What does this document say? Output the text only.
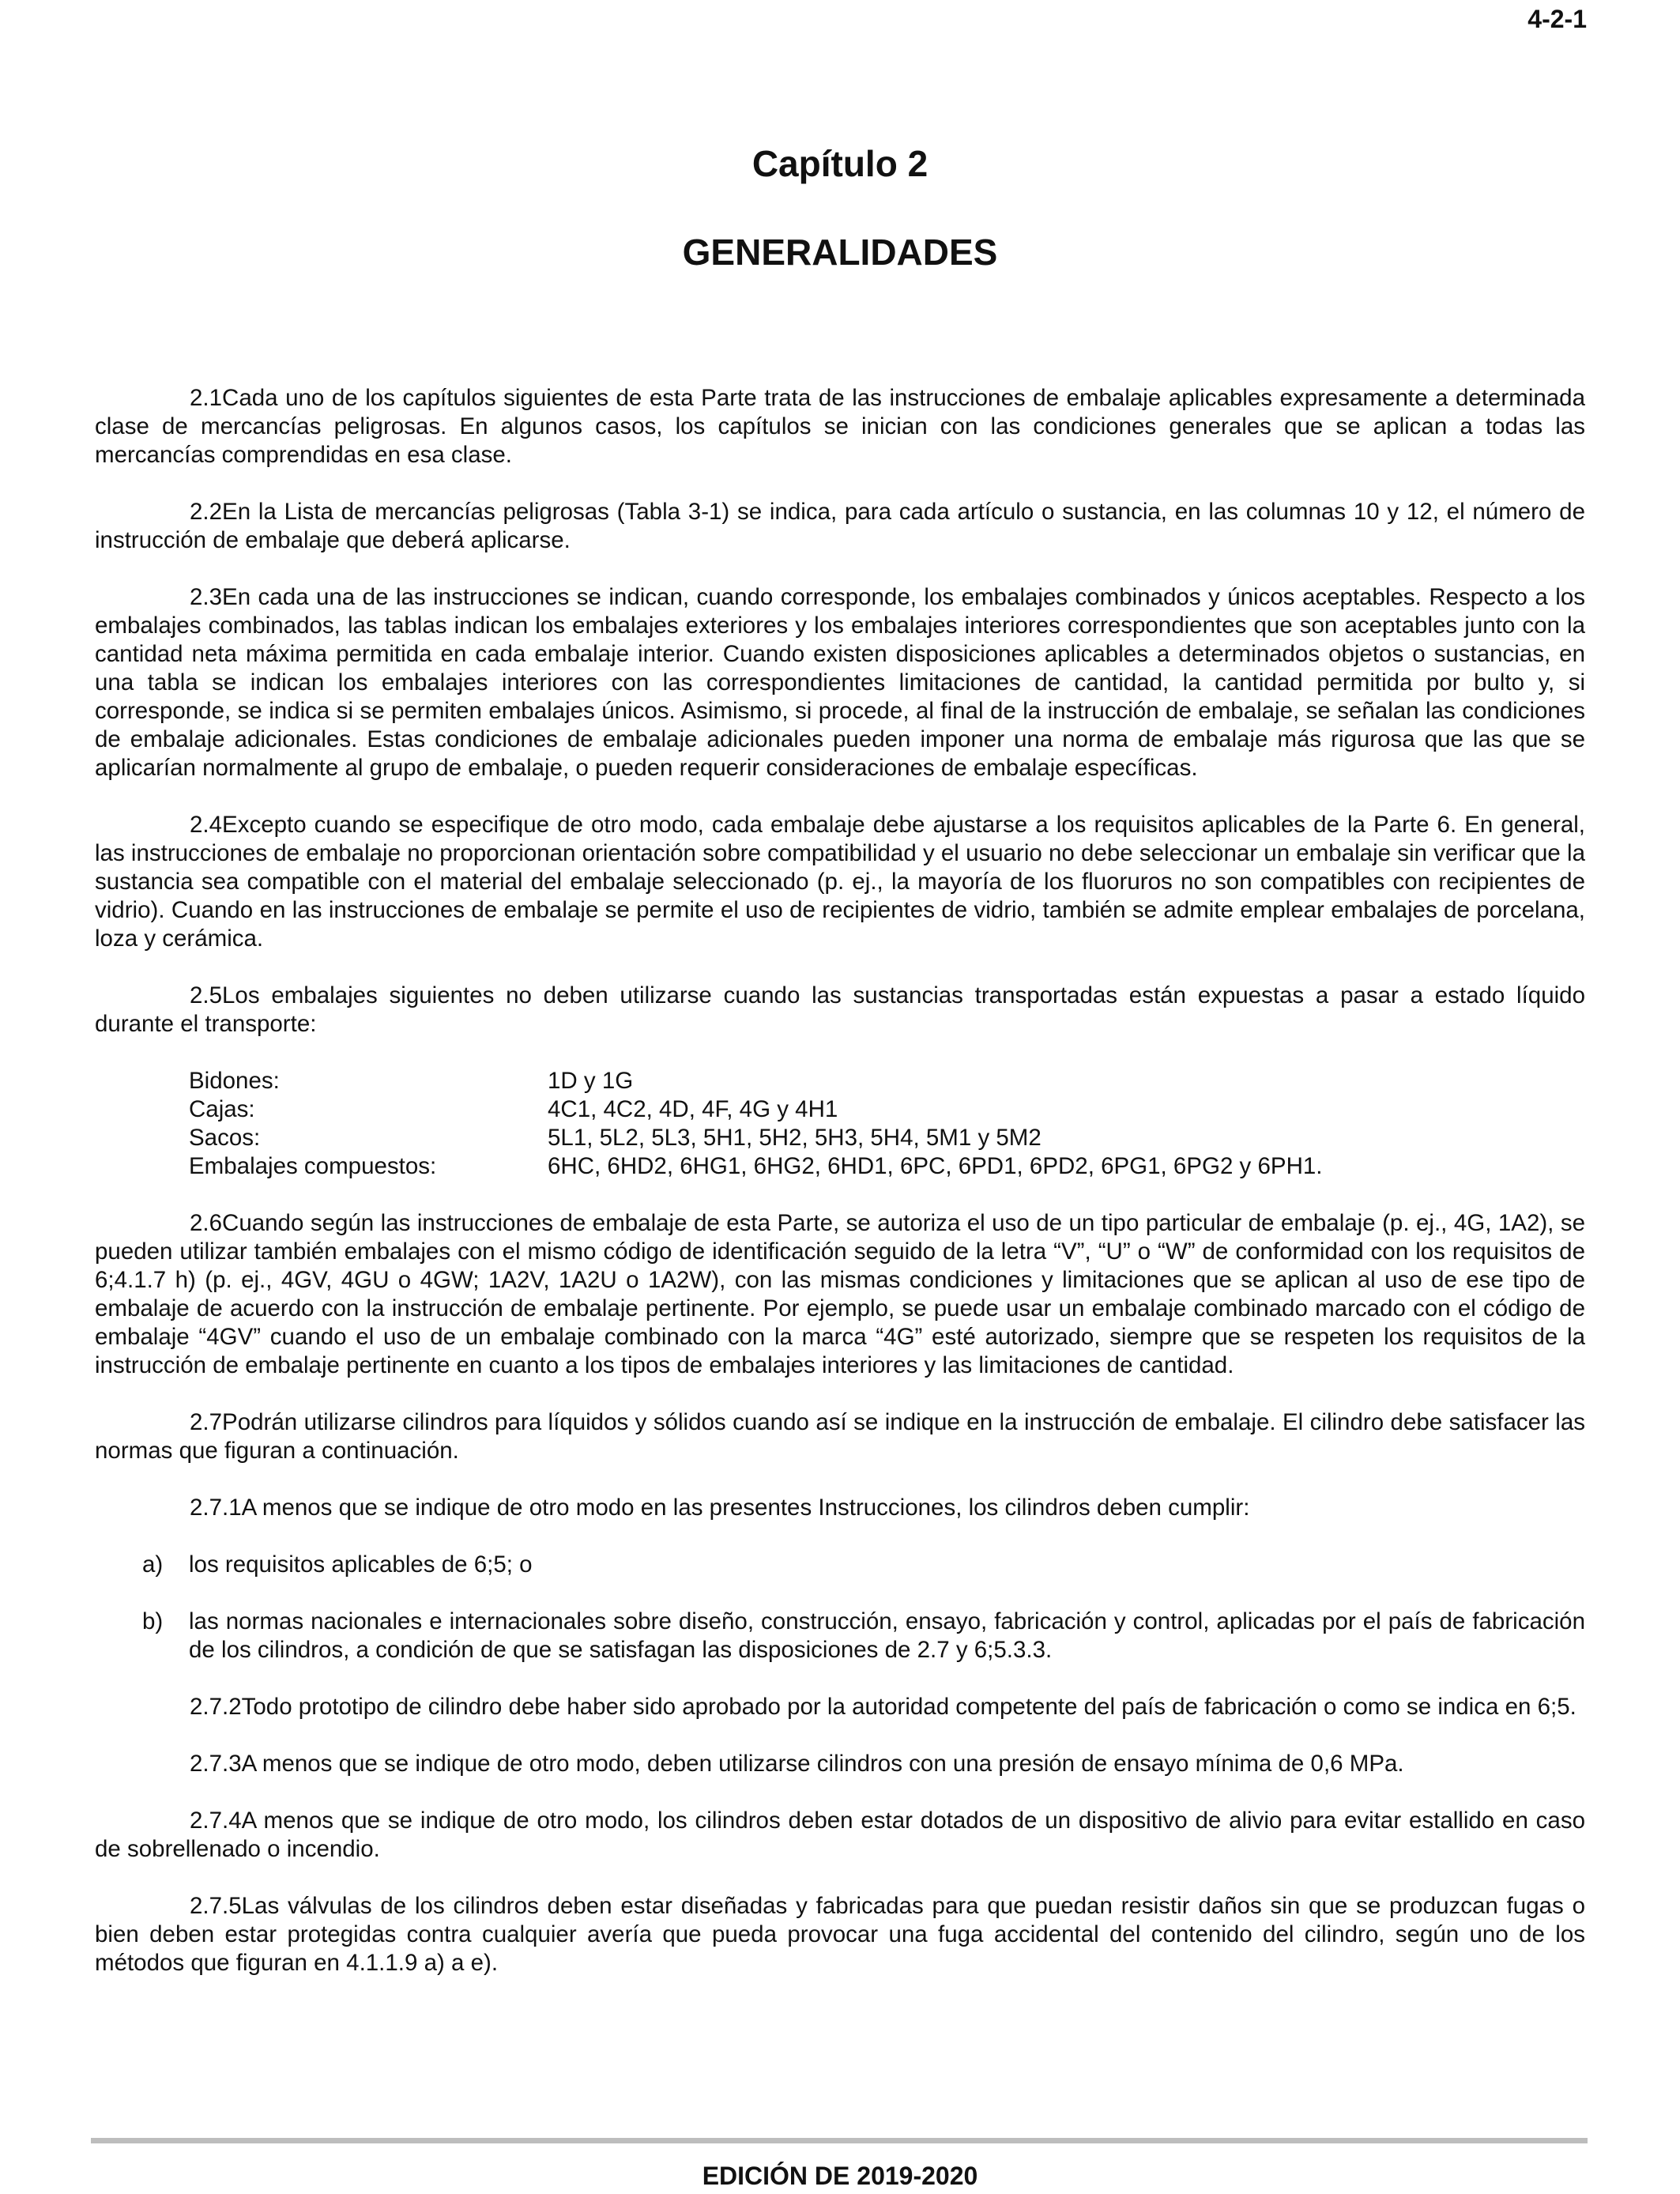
4-2-1
Capítulo 2
GENERALIDADES

2.1Cada uno de los capítulos siguientes de esta Parte trata de las instrucciones de embalaje aplicables expresamente a determinada clase de mercancías peligrosas. En algunos casos, los capítulos se inician con las condiciones generales que se aplican a todas las mercancías comprendidas en esa clase.

2.2En la Lista de mercancías peligrosas (Tabla 3-1) se indica, para cada artículo o sustancia, en las columnas 10 y 12, el número de instrucción de embalaje que deberá aplicarse.

2.3En cada una de las instrucciones se indican, cuando corresponde, los embalajes combinados y únicos aceptables. Respecto a los embalajes combinados, las tablas indican los embalajes exteriores y los embalajes interiores correspondientes que son aceptables junto con la cantidad neta máxima permitida en cada embalaje interior. Cuando existen disposiciones aplicables a determinados objetos o sustancias, en una tabla se indican los embalajes interiores con las correspondientes limitaciones de cantidad, la cantidad permitida por bulto y, si corresponde, se indica si se permiten embalajes únicos. Asimismo, si procede, al final de la instrucción de embalaje, se señalan las condiciones de embalaje adicionales. Estas condiciones de embalaje adicionales pueden imponer una norma de embalaje más rigurosa que las que se aplicarían normalmente al grupo de embalaje, o pueden requerir consideraciones de embalaje específicas.

2.4Excepto cuando se especifique de otro modo, cada embalaje debe ajustarse a los requisitos aplicables de la Parte 6. En general, las instrucciones de embalaje no proporcionan orientación sobre compatibilidad y el usuario no debe seleccionar un embalaje sin verificar que la sustancia sea compatible con el material del embalaje seleccionado (p. ej., la mayoría de los fluoruros no son compatibles con recipientes de vidrio). Cuando en las instrucciones de embalaje se permite el uso de recipientes de vidrio, también se admite emplear embalajes de porcelana, loza y cerámica.

2.5Los embalajes siguientes no deben utilizarse cuando las sustancias transportadas están expuestas a pasar a estado líquido durante el transporte:

Bidones:	1D y 1G
Cajas:	4C1, 4C2, 4D, 4F, 4G y 4H1
Sacos:	5L1, 5L2, 5L3, 5H1, 5H2, 5H3, 5H4, 5M1 y 5M2
Embalajes compuestos:	6HC, 6HD2, 6HG1, 6HG2, 6HD1, 6PC, 6PD1, 6PD2, 6PG1, 6PG2 y 6PH1.

2.6Cuando según las instrucciones de embalaje de esta Parte, se autoriza el uso de un tipo particular de embalaje (p. ej., 4G, 1A2), se pueden utilizar también embalajes con el mismo código de identificación seguido de la letra “V”, “U” o “W” de conformidad con los requisitos de 6;4.1.7 h) (p. ej., 4GV, 4GU o 4GW; 1A2V, 1A2U o 1A2W), con las mismas condiciones y limitaciones que se aplican al uso de ese tipo de embalaje de acuerdo con la instrucción de embalaje pertinente. Por ejemplo, se puede usar un embalaje combinado marcado con el código de embalaje “4GV” cuando el uso de un embalaje combinado con la marca “4G” esté autorizado, siempre que se respeten los requisitos de la instrucción de embalaje pertinente en cuanto a los tipos de embalajes interiores y las limitaciones de cantidad.

2.7Podrán utilizarse cilindros para líquidos y sólidos cuando así se indique en la instrucción de embalaje. El cilindro debe satisfacer las normas que figuran a continuación.

2.7.1A menos que se indique de otro modo en las presentes Instrucciones, los cilindros deben cumplir:

a) los requisitos aplicables de 6;5; o

b) las normas nacionales e internacionales sobre diseño, construcción, ensayo, fabricación y control, aplicadas por el país de fabricación de los cilindros, a condición de que se satisfagan las disposiciones de 2.7 y 6;5.3.3.

2.7.2Todo prototipo de cilindro debe haber sido aprobado por la autoridad competente del país de fabricación o como se indica en 6;5.

2.7.3A menos que se indique de otro modo, deben utilizarse cilindros con una presión de ensayo mínima de 0,6 MPa.

2.7.4A menos que se indique de otro modo, los cilindros deben estar dotados de un dispositivo de alivio para evitar estallido en caso de sobrellenado o incendio.

2.7.5Las válvulas de los cilindros deben estar diseñadas y fabricadas para que puedan resistir daños sin que se produzcan fugas o bien deben estar protegidas contra cualquier avería que pueda provocar una fuga accidental del contenido del cilindro, según uno de los métodos que figuran en 4.1.1.9 a) a e).

EDICIÓN DE 2019-2020
